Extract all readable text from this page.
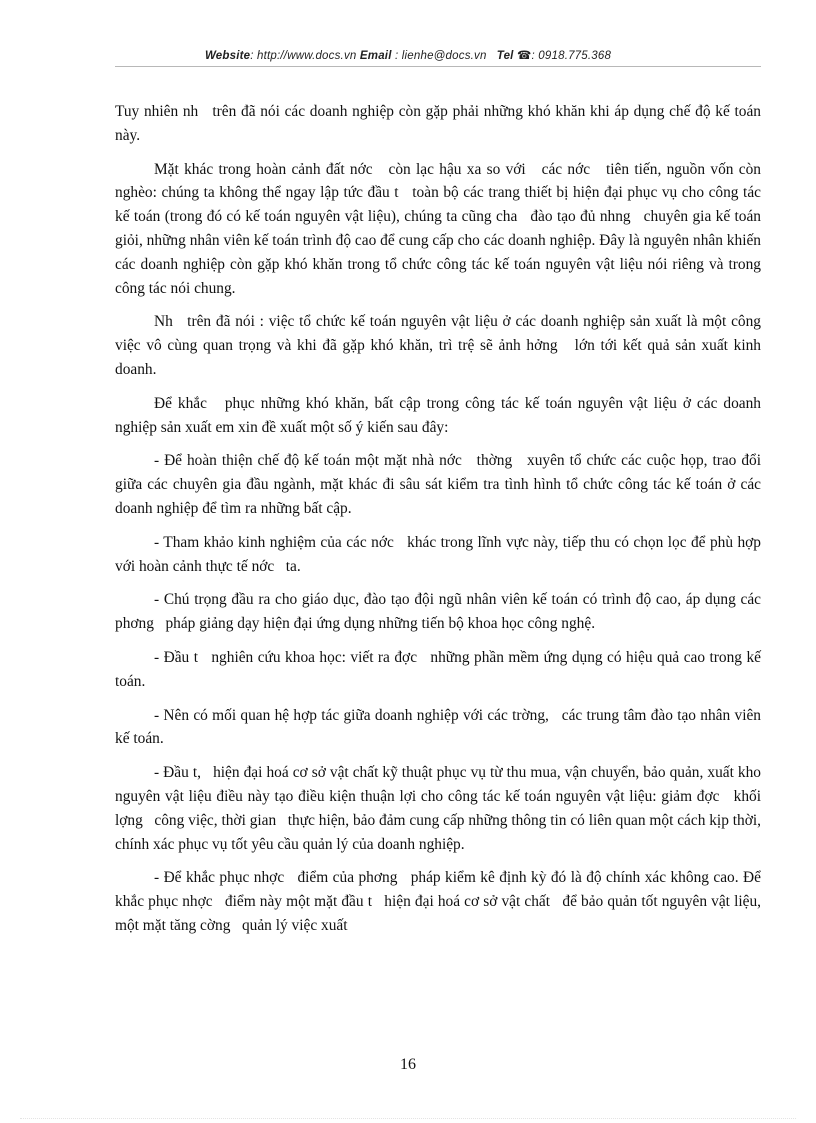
Website: http://www.docs.vn Email : lienhe@docs.vn Tel ☎: 0918.775.368

Tuy nhiên nh   trên đã nói các doanh nghiệp còn gặp phải những khó khăn khi áp dụng chế độ kế toán này.

Mặt khác trong hoàn cảnh đất nớc   còn lạc hậu xa so với   các nớc   tiên tiến, nguồn vốn còn nghèo: chúng ta không thể ngay lập tức đầu t   toàn bộ các trang thiết bị hiện đại phục vụ cho công tác kế toán (trong đó có kế toán nguyên vật liệu), chúng ta cũng cha   đào tạo đủ nhng   chuyên gia kế toán giỏi, những nhân viên kế toán trình độ cao để cung cấp cho các doanh nghiệp. Đây là nguyên nhân khiến các doanh nghiệp còn gặp khó khăn trong tổ chức công tác kế toán nguyên vật liệu nói riêng và trong công tác nói chung.

Nh   trên đã nói : việc tổ chức kế toán nguyên vật liệu ở các doanh nghiệp sản xuất là một công việc vô cùng quan trọng và khi đã gặp khó khăn, trì trệ sẽ ảnh hởng   lớn tới kết quả sản xuất kinh doanh.

Để khắc   phục những khó khăn, bất cập trong công tác kế toán nguyên vật liệu ở các doanh nghiệp sản xuất em xin đề xuất một số ý kiến sau đây:

- Để hoàn thiện chế độ kế toán một mặt nhà nớc   thờng   xuyên tổ chức các cuộc họp, trao đổi giữa các chuyên gia đầu ngành, mặt khác đi sâu sát kiểm tra tình hình tổ chức công tác kế toán ở các doanh nghiệp để tìm ra những bất cập.

- Tham khảo kinh nghiệm của các nớc   khác trong lĩnh vực này, tiếp thu có chọn lọc để phù hợp với hoàn cảnh thực tế nớc   ta.

- Chú trọng đầu ra cho giáo dục, đào tạo đội ngũ nhân viên kế toán có trình độ cao, áp dụng các phơng   pháp giảng dạy hiện đại ứng dụng những tiến bộ khoa học công nghệ.

- Đầu t   nghiên cứu khoa học: viết ra đợc   những phần mềm ứng dụng có hiệu quả cao trong kế toán.

- Nên có mối quan hệ hợp tác giữa doanh nghiệp với các trờng,   các trung tâm đào tạo nhân viên kế toán.

- Đầu t,   hiện đại hoá cơ sở vật chất kỹ thuật phục vụ từ thu mua, vận chuyển, bảo quản, xuất kho nguyên vật liệu điều này tạo điều kiện thuận lợi cho công tác kế toán nguyên vật liệu: giảm đợc   khối lợng   công việc, thời gian   thực hiện, bảo đảm cung cấp những thông tin có liên quan một cách kịp thời, chính xác phục vụ tốt yêu cầu quản lý của doanh nghiệp.

- Để khắc phục nhợc   điểm của phơng   pháp kiểm kê định kỳ đó là độ chính xác không cao. Để khắc phục nhợc   điểm này một mặt đầu t   hiện đại hoá cơ sở vật chất   để bảo quản tốt nguyên vật liệu, một mặt tăng cờng   quản lý việc xuất

16
